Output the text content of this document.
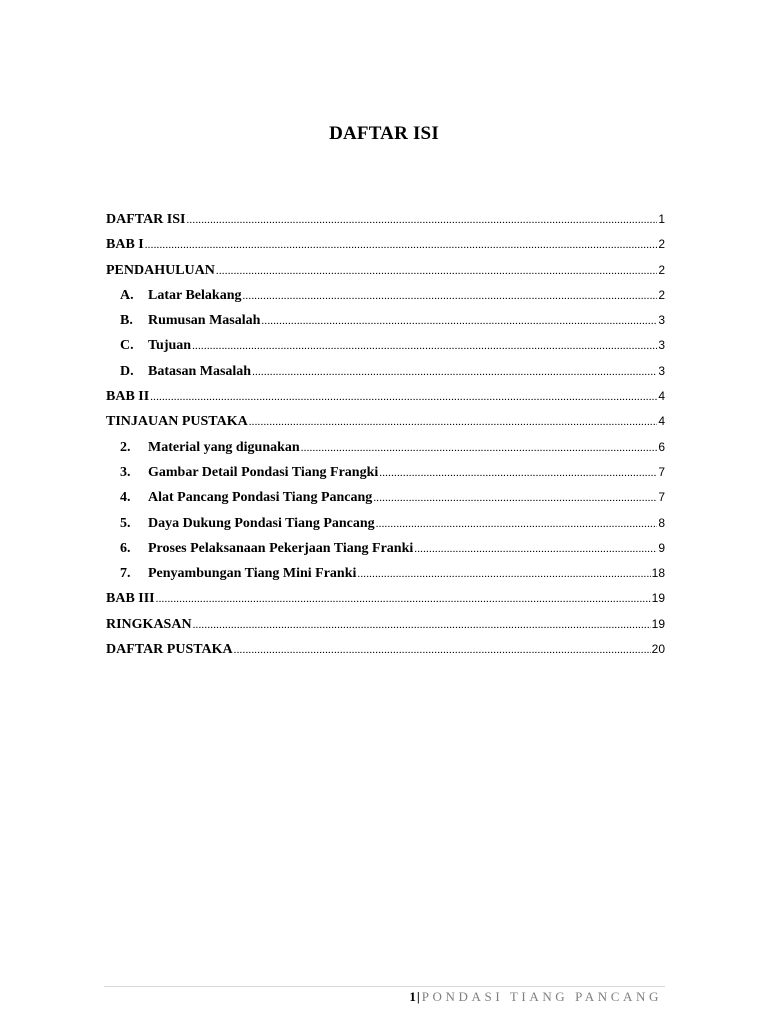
DAFTAR ISI
DAFTAR ISI .....	1
BAB I .....	2
PENDAHULUAN .....	2
A.	Latar Belakang .....	2
B.	Rumusan Masalah .....	3
C.	Tujuan .....	3
D.	Batasan Masalah .....	3
BAB II .....	4
TINJAUAN PUSTAKA .....	4
2.	Material yang digunakan .....	6
3.	Gambar Detail Pondasi Tiang Frangki .....	7
4.	Alat Pancang Pondasi Tiang Pancang .....	7
5.	Daya Dukung Pondasi Tiang Pancang .....	8
6.	Proses Pelaksanaan Pekerjaan Tiang Franki .....	9
7.	Penyambungan Tiang Mini Franki .....	18
BAB III .....	19
RINGKASAN .....	19
DAFTAR PUSTAKA .....	20
1| PONDASI TIANG PANCANG
